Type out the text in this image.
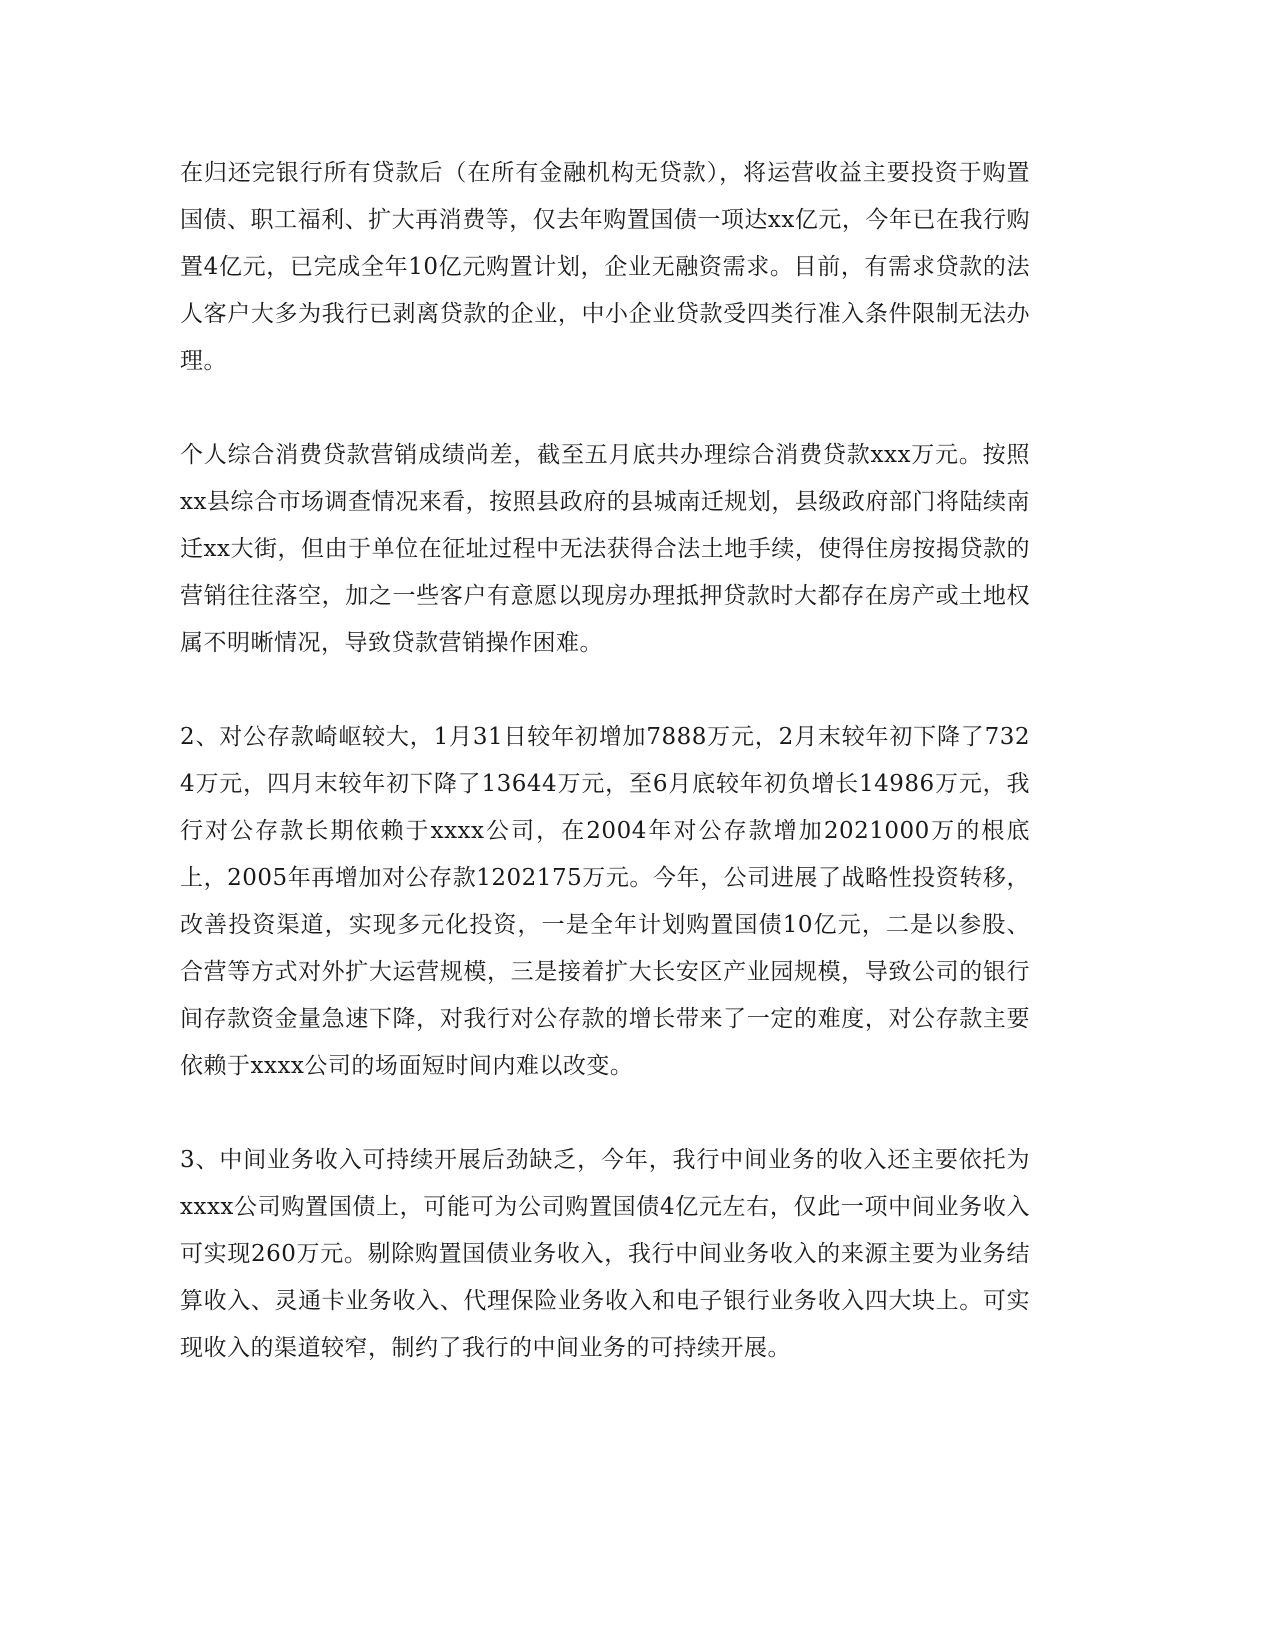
在归还完银行所有贷款后（在所有金融机构无贷款），将运营收益主要投资于购置国债、职工福利、扩大再消费等，仅去年购置国债一项达xx亿元，今年已在我行购置4亿元，已完成全年10亿元购置计划，企业无融资需求。目前，有需求贷款的法人客户大多为我行已剥离贷款的企业，中小企业贷款受四类行准入条件限制无法办理。

个人综合消费贷款营销成绩尚差，截至五月底共办理综合消费贷款xxx万元。按照xx县综合市场调查情况来看，按照县政府的县城南迁规划，县级政府部门将陆续南迁xx大街，但由于单位在征址过程中无法获得合法土地手续，使得住房按揭贷款的营销往往落空，加之一些客户有意愿以现房办理抵押贷款时大都存在房产或土地权属不明晰情况，导致贷款营销操作困难。

2、对公存款崎岖较大，1月31日较年初增加7888万元，2月末较年初下降了7324万元，四月末较年初下降了13644万元，至6月底较年初负增长14986万元，我行对公存款长期依赖于xxxx公司，在2004年对公存款增加2021000万的根底上，2005年再增加对公存款1202175万元。今年，公司进展了战略性投资转移，改善投资渠道，实现多元化投资，一是全年计划购置国债10亿元，二是以参股、合营等方式对外扩大运营规模，三是接着扩大长安区产业园规模，导致公司的银行间存款资金量急速下降，对我行对公存款的增长带来了一定的难度，对公存款主要依赖于xxxx公司的场面短时间内难以改变。

3、中间业务收入可持续开展后劲缺乏，今年，我行中间业务的收入还主要依托为xxxx公司购置国债上，可能可为公司购置国债4亿元左右，仅此一项中间业务收入可实现260万元。剔除购置国债业务收入，我行中间业务收入的来源主要为业务结算收入、灵通卡业务收入、代理保险业务收入和电子银行业务收入四大块上。可实现收入的渠道较窄，制约了我行的中间业务的可持续开展。
